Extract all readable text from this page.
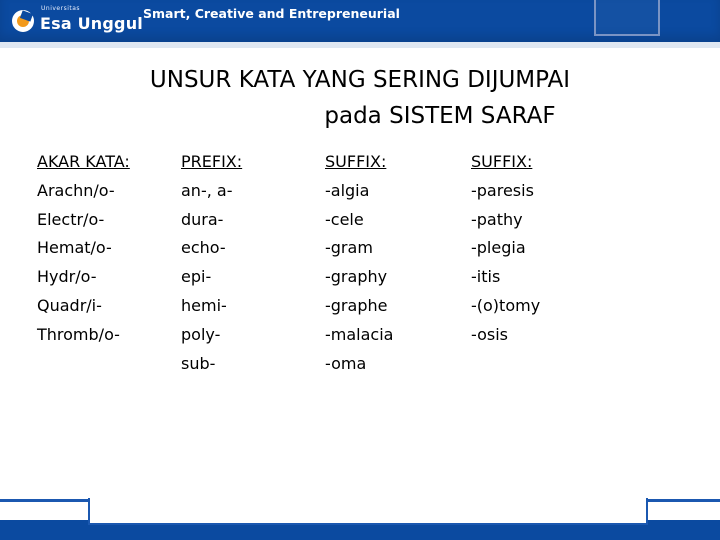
Universitas
Esa Unggul Smart, Creative and Entrepreneurial
UNSUR KATA YANG SERING DIJUMPAI
pada SISTEM SARAF
AKAR KATA:
Arachn/o-
Electr/o-
Hemat/o-
Hydr/o-
Quadr/i-
Thromb/o-
PREFIX:
an-, a-
dura-
echo-
epi-
hemi-
poly-
sub-
SUFFIX:
-algia
-cele
-gram
-graphy
-graphe
-malacia
-oma
SUFFIX:
-paresis
-pathy
-plegia
-itis
-(o)tomy
-osis
